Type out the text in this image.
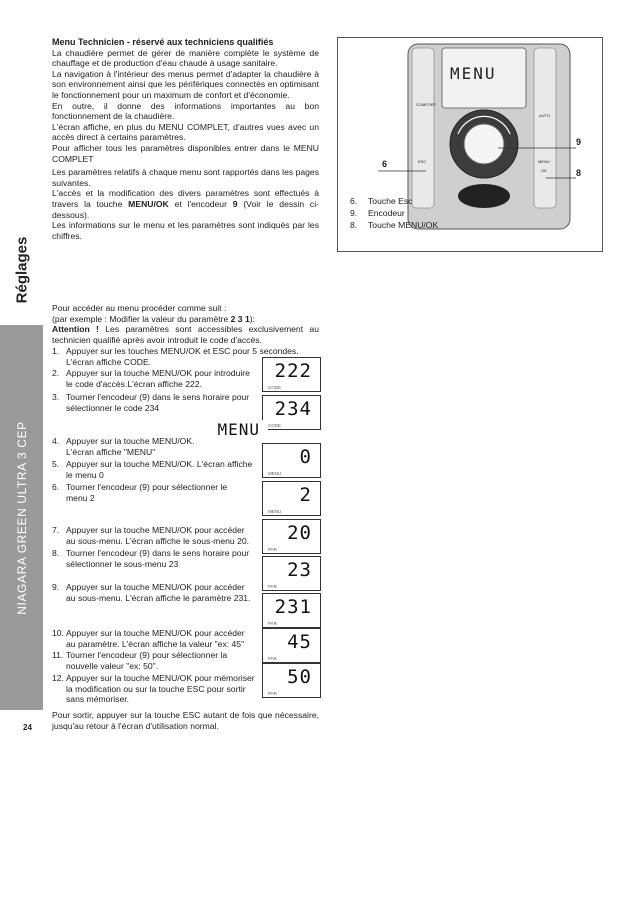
Réglages
NIAGARA GREEN ULTRA 3 CEP
24

Menu Technicien - réservé aux techniciens qualifiés

La chaudière permet de gérer de manière complète le système de chauffage et de production d'eau chaude à usage sanitaire.

La navigation à l'intérieur des menus permet d'adapter la chaudière à son environnement ainsi que les périfériques connectés en optimisant le fonctionnement pour un maximum de confort et d'économie.

En outre, il donne des informations importantes au bon fonctionnement de la chaudière.

L'écran affiche, en plus du MENU COMPLET, d'autres vues avec un accès direct à certains paramètres.

Pour afficher tous les paramètres disponibles entrer dans le MENU COMPLET

Les paramètres relatifs à chaque menu sont rapportés dans les pages suivantes.

L'accès et la modification des divers paramètres sont effectués à travers la touche MENU/OK et l'encodeur 9 (Voir le dessin ci-dessous).

Les informations sur le menu et les paramètres sont indiqués par les chiffres.

Pour accéder au menu procéder comme suit :

(par exemple : Modifier la valeur du paramètre 2 3 1):

Attention ! Les paramètres sont accessibles exclusivement au technicien qualifié après avoir introduit le code d'accès.

1. Appuyer sur les touches MENU/OK et ESC pour 5 secondes.
L'écran affiche CODE.
2. Appuyer sur la touche MENU/OK pour introduire
le code d'accès.L'écran affiche 222.
3. Tourner l'encodeur (9) dans le sens horaire pour
sélectionner le code 234
4. Appuyer sur la touche MENU/OK.
L'écran affiche "MENU"
5. Appuyer sur la touche MENU/OK. L'écran affiche
le menu 0
6. Tourner l'encodeur (9) pour sélectionner le
menu 2
7. Appuyer sur la touche MENU/OK pour accéder
au sous-menu. L'écran affiche le sous-menu 20.
8. Tourner l'encodeur (9) dans le sens horaire pour
sélectionner le sous-menu 23
9. Appuyer sur la touche MENU/OK pour accéder
au sous-menu. L'écran affiche le paramètre 231.
10. Appuyer sur la touche MENU/OK pour accéder
au paramètre. L'écran affiche la valeur "ex: 45"
11. Tourner l'encodeur (9) pour sélectionner la
nouvelle valeur "ex: 50".
12. Appuyer sur la touche MENU/OK pour mémoriser
la modification ou sur la touche ESC pour sortir
sans mémoriser.

Pour sortir, appuyer sur la touche ESC autant de fois que nécessaire, jusqu'au retour à l'écran d'utilisation normal.

222
CODE
234
CODE
MENU
0
MENU
2
MENU
20
PAR
23
PAR
231
PAR
45
PAR
50
PAR
MENU
COMFORT
ESC
AUTO
MENU
OK
6
9
8
6. Touche Esc
9. Encodeur
8. Touche MENU/OK
